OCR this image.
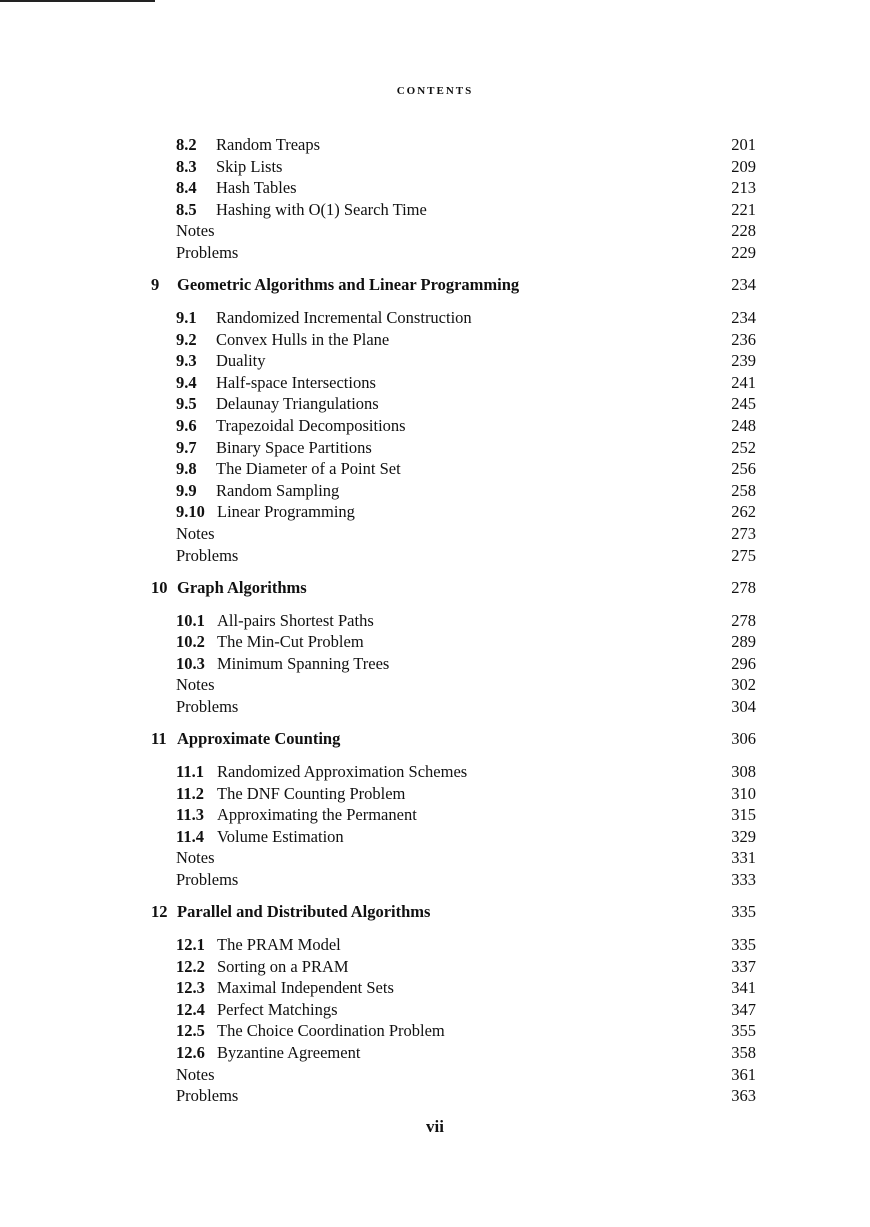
CONTENTS
8.2 Random Treaps	201
8.3 Skip Lists	209
8.4 Hash Tables	213
8.5 Hashing with O(1) Search Time	221
Notes	228
Problems	229
9 Geometric Algorithms and Linear Programming	234
9.1 Randomized Incremental Construction	234
9.2 Convex Hulls in the Plane	236
9.3 Duality	239
9.4 Half-space Intersections	241
9.5 Delaunay Triangulations	245
9.6 Trapezoidal Decompositions	248
9.7 Binary Space Partitions	252
9.8 The Diameter of a Point Set	256
9.9 Random Sampling	258
9.10 Linear Programming	262
Notes	273
Problems	275
10 Graph Algorithms	278
10.1 All-pairs Shortest Paths	278
10.2 The Min-Cut Problem	289
10.3 Minimum Spanning Trees	296
Notes	302
Problems	304
11 Approximate Counting	306
11.1 Randomized Approximation Schemes	308
11.2 The DNF Counting Problem	310
11.3 Approximating the Permanent	315
11.4 Volume Estimation	329
Notes	331
Problems	333
12 Parallel and Distributed Algorithms	335
12.1 The PRAM Model	335
12.2 Sorting on a PRAM	337
12.3 Maximal Independent Sets	341
12.4 Perfect Matchings	347
12.5 The Choice Coordination Problem	355
12.6 Byzantine Agreement	358
Notes	361
Problems	363
vii
